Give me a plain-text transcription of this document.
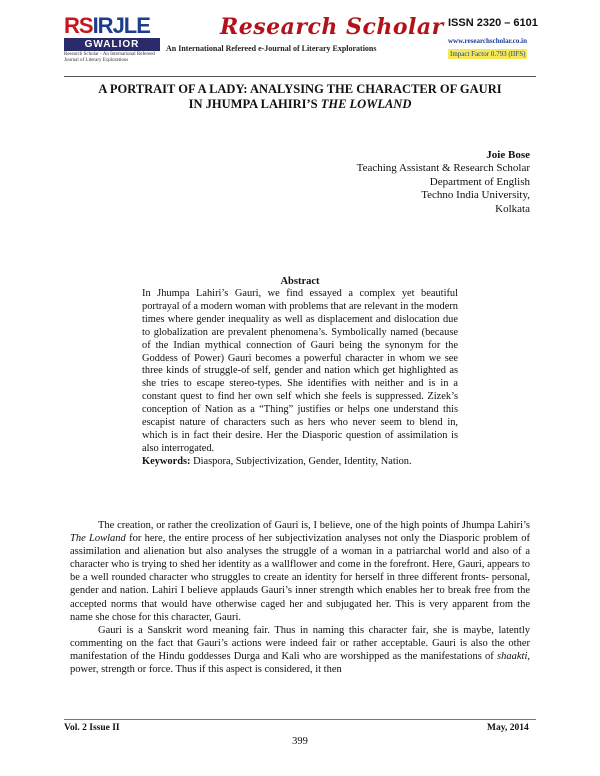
RSIRJLE
GWALIOR
Research Scholar - An International Refereed Journal of Literary Explorations
Research Scholar
An International Refereed e-Journal of Literary Explorations
ISSN 2320 – 6101
www.researchscholar.co.in
Impact Factor 0.793 (IIFS)
A PORTRAIT OF A LADY: ANALYSING THE CHARACTER OF GAURI
IN JHUMPA LAHIRI’S THE LOWLAND
Joie Bose
Teaching Assistant & Research Scholar
Department of English
Techno India University,
Kolkata
Abstract
In Jhumpa Lahiri’s Gauri, we find essayed a complex yet beautiful portrayal of a modern woman with problems that are relevant in the modern times where gender inequality as well as displacement and dislocation due to globalization are prevalent phenomena’s. Symbolically named (because of the Indian mythical connection of Gauri being the synonym for the Goddess of Power) Gauri becomes a powerful character in whom we see three kinds of struggle-of self, gender and nation which get highlighted as she tries to escape stereo-types. She identifies with neither and is in a constant quest to find her own self which she feels is suppressed. Zizek’s conception of Nation as a “Thing” justifies or helps one understand this escapist nature of characters such as hers who never seem to blend in, which is in fact their desire. Her the Diasporic question of assimilation is also interrogated.
Keywords: Diaspora, Subjectivization, Gender, Identity, Nation.

The creation, or rather the creolization of Gauri is, I believe, one of the high points of Jhumpa Lahiri’s The Lowland for here, the entire process of her subjectivization analyses not only the Diasporic problem of assimilation and alienation but also analyses the struggle of a woman in a patriarchal world and also of a character who is trying to shed her identity as a wallflower and come in the forefront. Here, Gauri, appears to be a well rounded character who struggles to create an identity for herself in three different fronts- personal, gender and nation. Lahiri I believe applauds Gauri’s inner strength which enables her to break free from the accepted norms that would have otherwise caged her and subjugated her. This is very apparent from the name she chose for this character, Gauri.

Gauri is a Sanskrit word meaning fair. Thus in naming this character fair, she is maybe, latently commenting on the fact that Gauri’s actions were indeed fair or rather acceptable. Gauri is also the other manifestation of the Hindu goddesses Durga and Kali who are worshipped as the manifestations of shaakti, power, strength or force. Thus if this aspect is considered, it then

Vol. 2 Issue II	May, 2014
399
